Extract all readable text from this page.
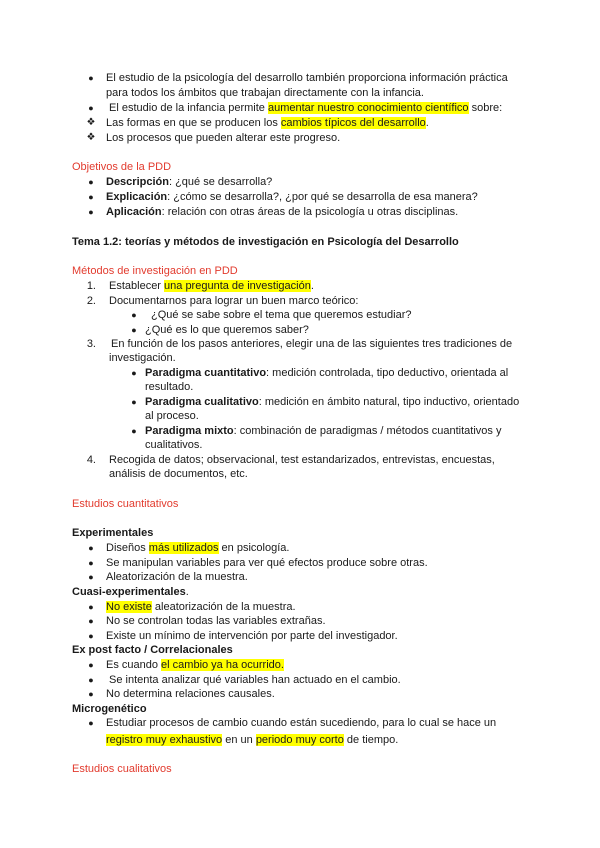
●	El estudio de la psicología del desarrollo también proporciona información práctica
para todos los ámbitos que trabajan directamente con la infancia.
●	El estudio de la infancia permite aumentar nuestro conocimiento científico sobre:
❖ Las formas en que se producen los cambios típicos del desarrollo.
❖ Los procesos que pueden alterar este progreso.
Objetivos de la PDD
●	Descripción: ¿qué se desarrolla?
●	Explicación: ¿cómo se desarrolla?, ¿por qué se desarrolla de esa manera?
●	Aplicación: relación con otras áreas de la psicología u otras disciplinas.
Tema 1.2: teorías y métodos de investigación en Psicología del Desarrollo
Métodos de investigación en PDD
1. Establecer una pregunta de investigación.
2. Documentarnos para lograr un buen marco teórico:
●	¿Qué se sabe sobre el tema que queremos estudiar?
● ¿Qué es lo que queremos saber?
3. En función de los pasos anteriores, elegir una de las siguientes tres tradiciones de
investigación.
● Paradigma cuantitativo: medición controlada, tipo deductivo, orientada al
resultado.
● Paradigma cualitativo: medición en ámbito natural, tipo inductivo, orientado
al proceso.
● Paradigma mixto: combinación de paradigmas / métodos cuantitativos y
cualitativos.
4. Recogida de datos; observacional, test estandarizados, entrevistas, encuestas,
análisis de documentos, etc.
Estudios cuantitativos
Experimentales
●	Diseños más utilizados en psicología.
●	Se manipulan variables para ver qué efectos produce sobre otras.
●	Aleatorización de la muestra.
Cuasi-experimentales.
●	No existe aleatorización de la muestra.
●	No se controlan todas las variables extrañas.
●	Existe un mínimo de intervención por parte del investigador.
Ex post facto / Correlacionales
●	Es cuando el cambio ya ha ocurrido.
●	Se intenta analizar qué variables han actuado en el cambio.
●	No determina relaciones causales.
Microgenético
●	Estudiar procesos de cambio cuando están sucediendo, para lo cual se hace un
registro muy exhaustivo en un periodo muy corto de tiempo.
Estudios cualitativos
